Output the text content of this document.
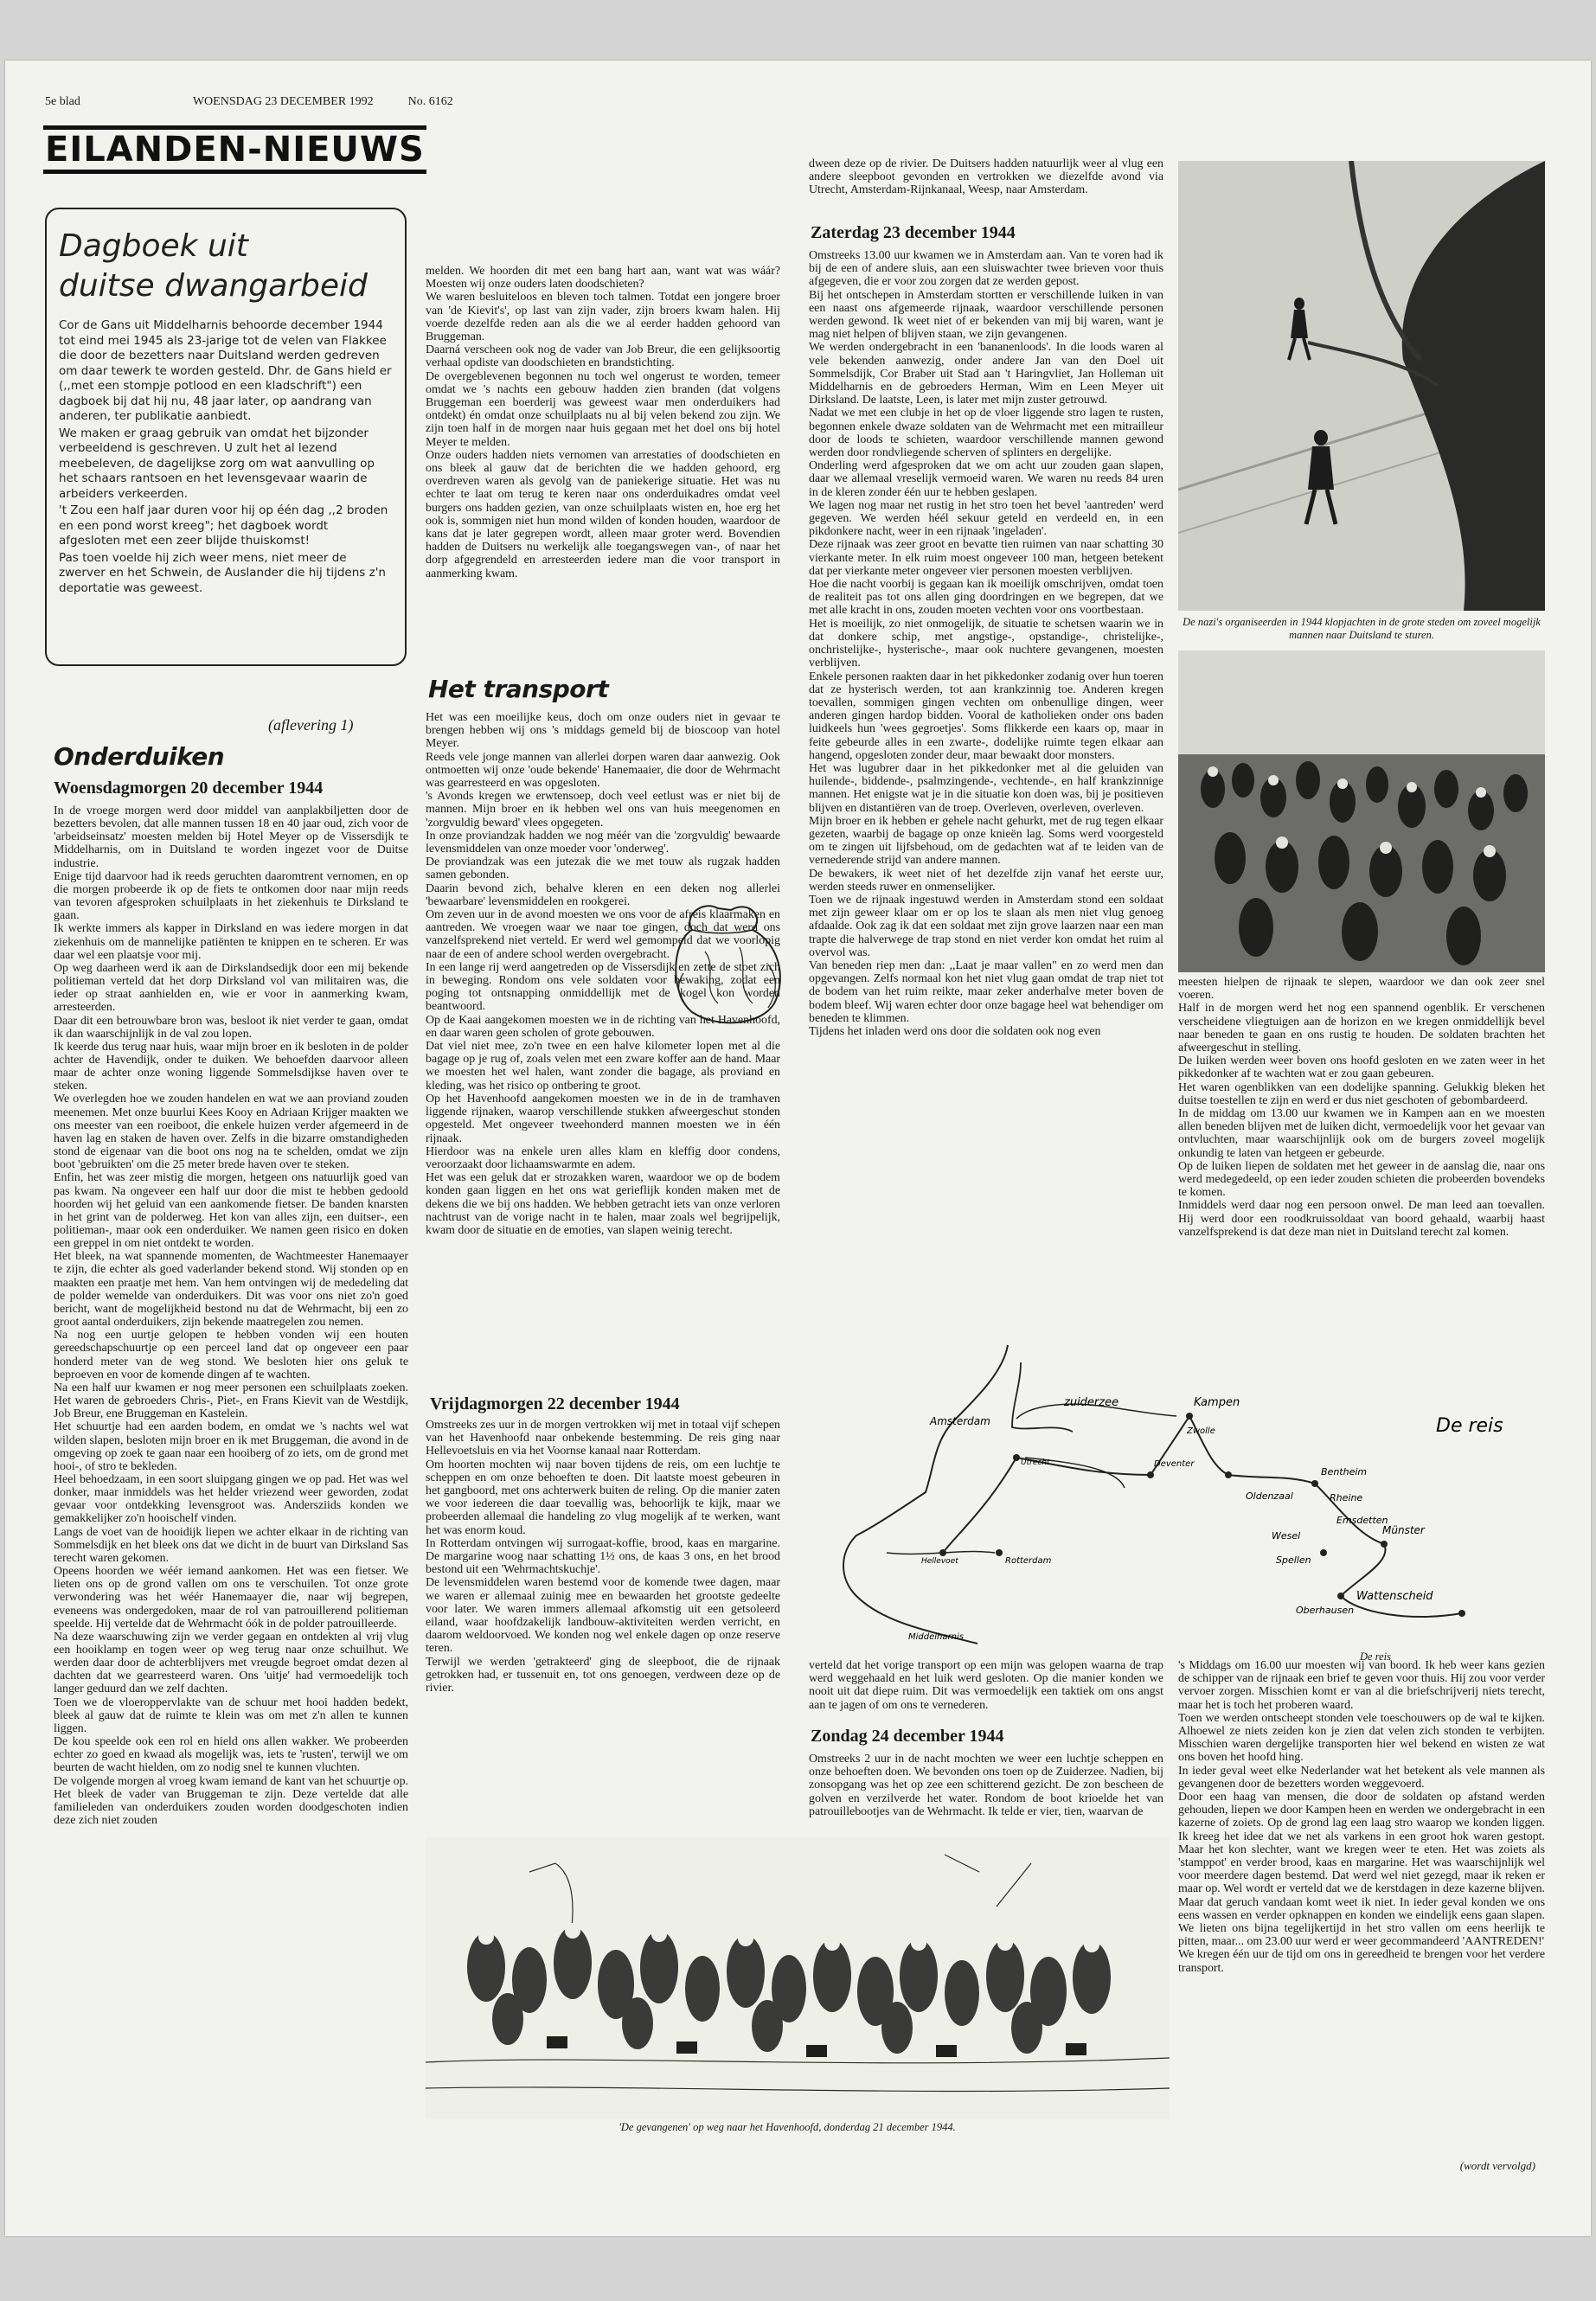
5e blad	WOENSDAG 23 DECEMBER 1992	No. 6162
EILANDEN-NIEUWS
Dagboek uit
duitse dwangarbeid

Cor de Gans uit Middelharnis behoorde december 1944 tot eind mei 1945 als 23-jarige tot de velen van Flakkee die door de bezetters naar Duitsland werden gedreven om daar tewerk te worden gesteld. Dhr. de Gans hield er (,,met een stompje potlood en een kladschrift") een dagboek bij dat hij nu, 48 jaar later, op aandrang van anderen, ter publikatie aanbiedt.

We maken er graag gebruik van omdat het bijzonder verbeeldend is geschreven. U zult het al lezend meebeleven, de dagelijkse zorg om wat aanvulling op het schaars rantsoen en het levensgevaar waarin de arbeiders verkeerden.

't Zou een half jaar duren voor hij op één dag ,,2 broden en een pond worst kreeg"; het dagboek wordt afgesloten met een zeer blijde thuiskomst!

Pas toen voelde hij zich weer mens, niet meer de zwerver en het Schwein, de Auslander die hij tijdens z'n deportatie was geweest.

(aflevering 1)
Onderduiken
Woensdagmorgen 20 december 1944

In de vroege morgen werd door middel van aanplakbiljetten door de bezetters bevolen, dat alle mannen tussen 18 en 40 jaar oud, zich voor de 'arbeidseinsatz' moesten melden bij Hotel Meyer op de Vissersdijk te Middelharnis, om in Duitsland te worden ingezet voor de Duitse industrie.

Enige tijd daarvoor had ik reeds geruchten daaromtrent vernomen, en op die morgen probeerde ik op de fiets te ontkomen door naar mijn reeds van tevoren afgesproken schuilplaats in het ziekenhuis te Dirksland te gaan.

Ik werkte immers als kapper in Dirksland en was iedere morgen in dat ziekenhuis om de mannelijke patiënten te knippen en te scheren. Er was daar wel een plaatsje voor mij.

Op weg daarheen werd ik aan de Dirkslandsedijk door een mij bekende politieman verteld dat het dorp Dirksland vol van militairen was, die ieder op straat aanhielden en, wie er voor in aanmerking kwam, arresteerden.

Daar dit een betrouwbare bron was, besloot ik niet verder te gaan, omdat ik dan waarschijnlijk in de val zou lopen.

Ik keerde dus terug naar huis, waar mijn broer en ik besloten in de polder achter de Havendijk, onder te duiken. We behoefden daarvoor alleen maar de achter onze woning liggende Sommelsdijkse haven over te steken.

We overlegden hoe we zouden handelen en wat we aan proviand zouden meenemen. Met onze buurlui Kees Kooy en Adriaan Krijger maakten we ons meester van een roeiboot, die enkele huizen verder afgemeerd in de haven lag en staken de haven over. Zelfs in die bizarre omstandigheden stond de eigenaar van die boot ons nog na te schelden, omdat we zijn boot 'gebruikten' om die 25 meter brede haven over te steken.

Enfin, het was zeer mistig die morgen, hetgeen ons natuurlijk goed van pas kwam. Na ongeveer een half uur door die mist te hebben gedoold hoorden wij het geluid van een aankomende fietser. De banden knarsten in het grint van de polderweg. Het kon van alles zijn, een duitser-, een politieman-, maar ook een onderduiker. We namen geen risico en doken een greppel in om niet ontdekt te worden.

Het bleek, na wat spannende momenten, de Wachtmeester Hanemaayer te zijn, die echter als goed vaderlander bekend stond. Wij stonden op en maakten een praatje met hem. Van hem ontvingen wij de mededeling dat de polder wemelde van onderduikers. Dit was voor ons niet zo'n goed bericht, want de mogelijkheid bestond nu dat de Wehrmacht, bij een zo groot aantal onderduikers, zijn bekende maatregelen zou nemen.

Na nog een uurtje gelopen te hebben vonden wij een houten gereedschapschuurtje op een perceel land dat op ongeveer een paar honderd meter van de weg stond. We besloten hier ons geluk te beproeven en voor de komende dingen af te wachten.

Na een half uur kwamen er nog meer personen een schuilplaats zoeken. Het waren de gebroeders Chris-, Piet-, en Frans Kievit van de Westdijk, Job Breur, ene Bruggeman en Kastelein.

Het schuurtje had een aarden bodem, en omdat we 's nachts wel wat wilden slapen, besloten mijn broer en ik met Bruggeman, die avond in de omgeving op zoek te gaan naar een hooiberg of zo iets, om de grond met hooi-, of stro te bekleden.

Heel behoedzaam, in een soort sluipgang gingen we op pad. Het was wel donker, maar inmiddels was het helder vriezend weer geworden, zodat gevaar voor ontdekking levensgroot was. Andersziids konden we gemakkelijker zo'n hooischelf vinden.

Langs de voet van de hooidijk liepen we achter elkaar in de richting van Sommelsdijk en het bleek ons dat we dicht in de buurt van Dirksland Sas terecht waren gekomen.

Opeens hoorden we wéér iemand aankomen. Het was een fietser. We lieten ons op de grond vallen om ons te verschuilen. Tot onze grote verwondering was het wéér Hanemaayer die, naar wij begrepen, eveneens was ondergedoken, maar de rol van patrouillerend politieman speelde. Hij vertelde dat de Wehrmacht óók in de polder patrouilleerde.

Na deze waarschuwing zijn we verder gegaan en ontdekten al vrij vlug een hooiklamp en togen weer op weg terug naar onze schuilhut. We werden daar door de achterblijvers met vreugde begroet omdat dezen al dachten dat we gearresteerd waren. Ons 'uitje' had vermoedelijk toch langer geduurd dan we zelf dachten.

Toen we de vloeroppervlakte van de schuur met hooi hadden bedekt, bleek al gauw dat de ruimte te klein was om met z'n allen te kunnen liggen.

De kou speelde ook een rol en hield ons allen wakker. We probeerden echter zo goed en kwaad als mogelijk was, iets te 'rusten', terwijl we om beurten de wacht hielden, om zo nodig snel te kunnen vluchten.

De volgende morgen al vroeg kwam iemand de kant van het schuurtje op. Het bleek de vader van Bruggeman te zijn. Deze vertelde dat alle familieleden van onderduikers zouden worden doodgeschoten indien deze zich niet zouden

melden. We hoorden dit met een bang hart aan, want wat was wáár? Moesten wij onze ouders laten doodschieten?

We waren besluiteloos en bleven toch talmen. Totdat een jongere broer van 'de Kievit's', op last van zijn vader, zijn broers kwam halen. Hij voerde dezelfde reden aan als die we al eerder hadden gehoord van Bruggeman.

Daarná verscheen ook nog de vader van Job Breur, die een gelijksoortig verhaal opdiste van doodschieten en brandstichting.

De overgeblevenen begonnen nu toch wel ongerust te worden, temeer omdat we 's nachts een gebouw hadden zien branden (dat volgens Bruggeman een boerderij was geweest waar men onderduikers had ontdekt) én omdat onze schuilplaats nu al bij velen bekend zou zijn. We zijn toen half in de morgen naar huis gegaan met het doel ons bij hotel Meyer te melden.

Onze ouders hadden niets vernomen van arrestaties of doodschieten en ons bleek al gauw dat de berichten die we hadden gehoord, erg overdreven waren als gevolg van de paniekerige situatie. Het was nu echter te laat om terug te keren naar ons onderduikadres omdat veel burgers ons hadden gezien, van onze schuilplaats wisten en, hoe erg het ook is, sommigen niet hun mond wilden of konden houden, waardoor de kans dat je later gegrepen wordt, alleen maar groter werd. Bovendien hadden de Duitsers nu werkelijk alle toegangswegen van-, of naar het dorp afgegrendeld en arresteerden iedere man die voor transport in aanmerking kwam.

Het transport

Het was een moeilijke keus, doch om onze ouders niet in gevaar te brengen hebben wij ons 's middags gemeld bij de bioscoop van hotel Meyer.

Reeds vele jonge mannen van allerlei dorpen waren daar aanwezig. Ook ontmoetten wij onze 'oude bekende' Hanemaaier, die door de Wehrmacht was gearresteerd en was opgesloten.

's Avonds kregen we erwtensoep, doch veel eetlust was er niet bij de mannen. Mijn broer en ik hebben wel ons van huis meegenomen en 'zorgvuldig beward' vlees opgegeten.

In onze proviandzak hadden we nog méér van die 'zorgvuldig' bewaarde levensmiddelen van onze moeder voor 'onderweg'.

De proviandzak was een jutezak die we met touw als rugzak hadden samen gebonden.

Daarin bevond zich, behalve kleren en een deken nog allerlei 'bewaarbare' levensmiddelen en rookgerei.

Om zeven uur in de avond moesten we ons voor de afreis klaarmaken en aantreden. We vroegen waar we naar toe gingen, doch dat werd ons vanzelfsprekend niet verteld. Er werd wel gemompeld dat we voorlopig naar de een of andere school werden overgebracht.

In een lange rij werd aangetreden op de Vissersdijk en zette de stoet zich in beweging. Rondom ons vele soldaten voor bewaking, zodat een poging tot ontsnapping onmiddellijk met de kogel kon worden beantwoord.

Op de Kaai aangekomen moesten we in de richting van het Havenhoofd, en daar waren geen scholen of grote gebouwen.

Dat viel niet mee, zo'n twee en een halve kilometer lopen met al die bagage op je rug of, zoals velen met een zware koffer aan de hand. Maar we moesten het wel halen, want zonder die bagage, als proviand en kleding, was het risico op ontbering te groot.

Op het Havenhoofd aangekomen moesten we in de in de tramhaven liggende rijnaken, waarop verschillende stukken afweergeschut stonden opgesteld. Met ongeveer tweehonderd mannen moesten we in één rijnaak.

Hierdoor was na enkele uren alles klam en kleffig door condens, veroorzaakt door lichaamswarmte en adem.

Het was een geluk dat er strozakken waren, waardoor we op de bodem konden gaan liggen en het ons wat gerieflijk konden maken met de dekens die we bij ons hadden. We hebben getracht iets van onze verloren nachtrust van de vorige nacht in te halen, maar zoals wel begrijpelijk, kwam door de situatie en de emoties, van slapen weinig terecht.

Vrijdagmorgen 22 december 1944

Omstreeks zes uur in de morgen vertrokken wij met in totaal vijf schepen van het Havenhoofd naar onbekende bestemming. De reis ging naar Hellevoetsluis en via het Voornse kanaal naar Rotterdam.

Om hoorten mochten wij naar boven tijdens de reis, om een luchtje te scheppen en om onze behoeften te doen. Dit laatste moest gebeuren in het gangboord, met ons achterwerk buiten de reling. Op die manier zaten we voor iedereen die daar toevallig was, behoorlijk te kijk, maar we probeerden allemaal die handeling zo vlug mogelijk af te werken, want het was enorm koud.

In Rotterdam ontvingen wij surrogaat-koffie, brood, kaas en margarine. De margarine woog naar schatting 1½ ons, de kaas 3 ons, en het brood bestond uit een 'Wehrmachtskuchje'.

De levensmiddelen waren bestemd voor de komende twee dagen, maar we waren er allemaal zuinig mee en bewaarden het grootste gedeelte voor later. We waren immers allemaal afkomstig uit een getsoleerd eiland, waar hoofdzakelijk landbouw-aktiviteiten werden verricht, en daarom weldoorvoed. We konden nog wel enkele dagen op onze reserve teren.

Terwijl we werden 'getrakteerd' ging de sleepboot, die de rijnaak getrokken had, er tussenuit en, tot ons genoegen, verdween deze op de rivier.

dween deze op de rivier. De Duitsers hadden natuurlijk weer al vlug een andere sleepboot gevonden en vertrokken we diezelfde avond via Utrecht, Amsterdam-Rijnkanaal, Weesp, naar Amsterdam.

Zaterdag 23 december 1944

Omstreeks 13.00 uur kwamen we in Amsterdam aan. Van te voren had ik bij de een of andere sluis, aan een sluiswachter twee brieven voor thuis afgegeven, die er voor zou zorgen dat ze werden gepost.

Bij het ontschepen in Amsterdam stortten er verschillende luiken in van een naast ons afgemeerde rijnaak, waardoor verschillende personen werden gewond. Ik weet niet of er bekenden van mij bij waren, want je mag niet helpen of blijven staan, we zijn gevangenen.

We werden ondergebracht in een 'bananenloods'. In die loods waren al vele bekenden aanwezig, onder andere Jan van den Doel uit Sommelsdijk, Cor Braber uit Stad aan 't Haringvliet, Jan Holleman uit Middelharnis en de gebroeders Herman, Wim en Leen Meyer uit Dirksland. De laatste, Leen, is later met mijn zuster getrouwd.

Nadat we met een clubje in het op de vloer liggende stro lagen te rusten, begonnen enkele dwaze soldaten van de Wehrmacht met een mitrailleur door de loods te schieten, waardoor verschillende mannen gewond werden door rondvliegende scherven of splinters en dergelijke.

Onderling werd afgesproken dat we om acht uur zouden gaan slapen, daar we allemaal vreselijk vermoeid waren. We waren nu reeds 84 uren in de kleren zonder één uur te hebben geslapen.

We lagen nog maar net rustig in het stro toen het bevel 'aantreden' werd gegeven. We werden héél sekuur geteld en verdeeld en, in een pikdonkere nacht, weer in een rijnaak 'ingeladen'.

Deze rijnaak was zeer groot en bevatte tien ruimen van naar schatting 30 vierkante meter. In elk ruim moest ongeveer 100 man, hetgeen betekent dat per vierkante meter ongeveer vier personen moesten verblijven.

Hoe die nacht voorbij is gegaan kan ik moeilijk omschrijven, omdat toen de realiteit pas tot ons allen ging doordringen en we begrepen, dat we met alle kracht in ons, zouden moeten vechten voor ons voortbestaan.

Het is moeilijk, zo niet onmogelijk, de situatie te schetsen waarin we in dat donkere schip, met angstige-, opstandige-, christelijke-, onchristelijke-, hysterische-, maar ook nuchtere gevangenen, moesten verblijven.

Enkele personen raakten daar in het pikkedonker zodanig over hun toeren dat ze hysterisch werden, tot aan krankzinnig toe. Anderen kregen toevallen, sommigen gingen vechten om onbenullige dingen, weer anderen gingen hardop bidden. Vooral de katholieken onder ons baden luidkeels hun 'wees gegroetjes'. Soms flikkerde een kaars op, maar in feite gebeurde alles in een zwarte-, dodelijke ruimte tegen elkaar aan hangend, opgesloten zonder deur, maar bewaakt door monsters.

Het was lugubrer daar in het pikkedonker met al die geluiden van huilende-, biddende-, psalmzingende-, vechtende-, en half krankzinnige mannen. Het enigste wat je in die situatie kon doen was, bij je positieven blijven en distantiëren van de troep. Overleven, overleven, overleven.

Mijn broer en ik hebben er gehele nacht gehurkt, met de rug tegen elkaar gezeten, waarbij de bagage op onze knieën lag. Soms werd voorgesteld om te zingen uit lijfsbehoud, om de gedachten wat af te leiden van de vernederende strijd van andere mannen.

De bewakers, ik weet niet of het dezelfde zijn vanaf het eerste uur, werden steeds ruwer en onmenselijker.

Toen we de rijnaak ingestuwd werden in Amsterdam stond een soldaat met zijn geweer klaar om er op los te slaan als men niet vlug genoeg afdaalde. Ook zag ik dat een soldaat met zijn grove laarzen naar een man trapte die halverwege de trap stond en niet verder kon omdat het ruim al overvol was.

Van beneden riep men dan: ,,Laat je maar vallen" en zo werd men dan opgevangen. Zelfs normaal kon het niet vlug gaan omdat de trap niet tot de bodem van het ruim reikte, maar zeker anderhalve meter boven de bodem bleef. Wij waren echter door onze bagage heel wat behendiger om beneden te klimmen.

Tijdens het inladen werd ons door die soldaten ook nog even

De nazi's organiseerden in 1944 klopjachten in de grote steden om zoveel mogelijk mannen naar Duitsland te sturen.

meesten hielpen de rijnaak te slepen, waardoor we dan ook zeer snel voeren.

Half in de morgen werd het nog een spannend ogenblik. Er verschenen verscheidene vliegtuigen aan de horizon en we kregen onmiddellijk bevel naar beneden te gaan en ons rustig te houden. De soldaten brachten het afweergeschut in stelling.

De luiken werden weer boven ons hoofd gesloten en we zaten weer in het pikkedonker af te wachten wat er zou gaan gebeuren.

Het waren ogenblikken van een dodelijke spanning. Gelukkig bleken het duitse toestellen te zijn en werd er dus niet geschoten of gebombardeerd.

In de middag om 13.00 uur kwamen we in Kampen aan en we moesten allen beneden blijven met de luiken dicht, vermoedelijk voor het gevaar van ontvluchten, maar waarschijnlijk ook om de burgers zoveel mogelijk onkundig te laten van hetgeen er gebeurde.

Op de luiken liepen de soldaten met het geweer in de aanslag die, naar ons werd medegedeeld, op een ieder zouden schieten die probeerden bovendeks te komen.

Inmiddels werd daar nog een persoon onwel. De man leed aan toevallen. Hij werd door een roodkruissoldaat van boord gehaald, waarbij haast vanzelfsprekend is dat deze man niet in Duitsland terecht zal komen.

Amsterdam
zuiderzee	Kampen
Zwolle
Deventer
Oldenzaal
Bentheim
Rheine
Emsdetten
Münster
Wesel
Spellen
Oberhausen
Wattenscheid
Utrecht
Rotterdam
Hellevoet
Middelharnis
De reis
De reis

verteld dat het vorige transport op een mijn was gelopen waarna de trap werd weggehaald en het luik werd gesloten. Op die manier konden we nooit uit dat diepe ruim. Dit was vermoedelijk een taktiek om ons angst aan te jagen of om ons te vernederen.

Zondag 24 december 1944

Omstreeks 2 uur in de nacht mochten we weer een luchtje scheppen en onze behoeften doen. We bevonden ons toen op de Zuiderzee. Nadien, bij zonsopgang was het op zee een schitterend gezicht. De zon bescheen de golven en verzilverde het water. Rondom de boot krioelde het van patrouillebootjes van de Wehrmacht. Ik telde er vier, tien, waarvan de

's Middags om 16.00 uur moesten wij van boord. Ik heb weer kans gezien de schipper van de rijnaak een brief te geven voor thuis. Hij zou voor verder vervoer zorgen. Misschien komt er van al die briefschrijverij niets terecht, maar het is toch het proberen waard.

Toen we werden ontscheept stonden vele toeschouwers op de wal te kijken. Alhoewel ze niets zeiden kon je zien dat velen zich stonden te verbijten. Misschien waren dergelijke transporten hier wel bekend en wisten ze wat ons boven het hoofd hing.

In ieder geval weet elke Nederlander wat het betekent als vele mannen als gevangenen door de bezetters worden weggevoerd.

Door een haag van mensen, die door de soldaten op afstand werden gehouden, liepen we door Kampen heen en werden we ondergebracht in een kazerne of zoiets. Op de grond lag een laag stro waarop we konden liggen. Ik kreeg het idee dat we net als varkens in een groot hok waren gestopt. Maar het kon slechter, want we kregen weer te eten. Het was zoiets als 'stamppot' en verder brood, kaas en margarine. Het was waarschijnlijk wel voor meerdere dagen bestemd. Dat werd wel niet gezegd, maar ik reken er maar op. Wel wordt er verteld dat we de kerstdagen in deze kazerne blijven. Maar dat geruch vandaan komt weet ik niet. In ieder geval konden we ons eens wassen en verder opknappen en konden we eindelijk eens gaan slapen. We lieten ons bijna tegelijkertijd in het stro vallen om eens heerlijk te pitten, maar... om 23.00 uur werd er weer gecommandeerd 'AANTREDEN!'

We kregen één uur de tijd om ons in gereedheid te brengen voor het verdere transport.

(wordt vervolgd)
'De gevangenen' op weg naar het Havenhoofd, donderdag 21 december 1944.
